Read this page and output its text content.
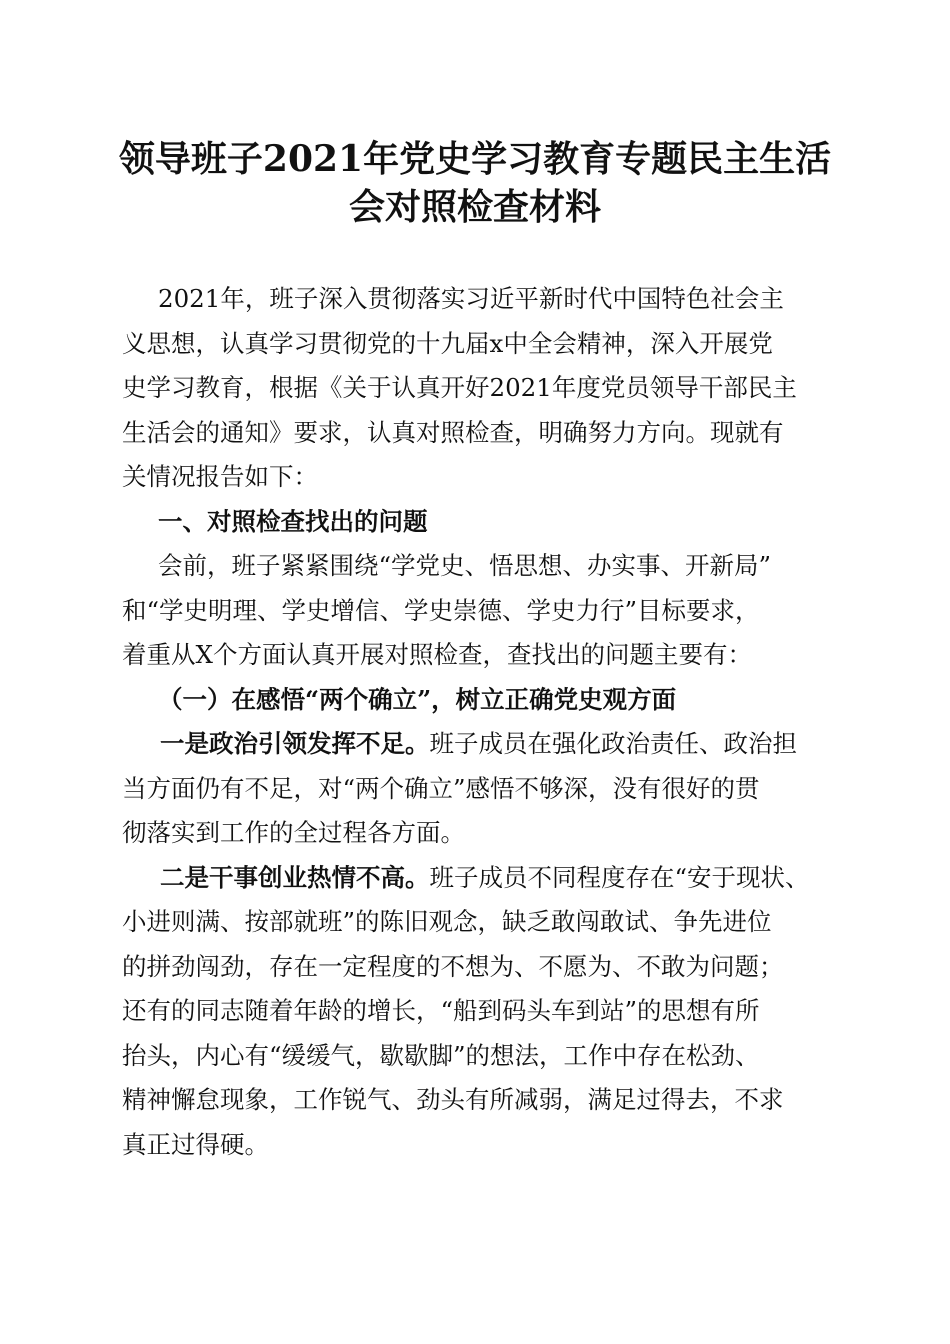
领导班子2021年党史学习教育专题民主生活
会对照检查材料

2021年，班子深入贯彻落实习近平新时代中国特色社会主

义思想，认真学习贯彻党的十九届x中全会精神，深入开展党

史学习教育，根据《关于认真开好2021年度党员领导干部民主

生活会的通知》要求，认真对照检查，明确努力方向。现就有

关情况报告如下：

一、对照检查找出的问题

会前，班子紧紧围绕“学党史、悟思想、办实事、开新局”

和“学史明理、学史增信、学史崇德、学史力行”目标要求，

着重从X个方面认真开展对照检查，查找出的问题主要有：

（一）在感悟“两个确立”，树立正确党史观方面

一是政治引领发挥不足。班子成员在强化政治责任、政治担

当方面仍有不足，对“两个确立”感悟不够深，没有很好的贯

彻落实到工作的全过程各方面。

二是干事创业热情不高。班子成员不同程度存在“安于现状、

小进则满、按部就班”的陈旧观念，缺乏敢闯敢试、争先进位

的拼劲闯劲，存在一定程度的不想为、不愿为、不敢为问题；

还有的同志随着年龄的增长，“船到码头车到站”的思想有所

抬头，内心有“缓缓气，歇歇脚”的想法，工作中存在松劲、

精神懈怠现象，工作锐气、劲头有所减弱，满足过得去，不求

真正过得硬。
